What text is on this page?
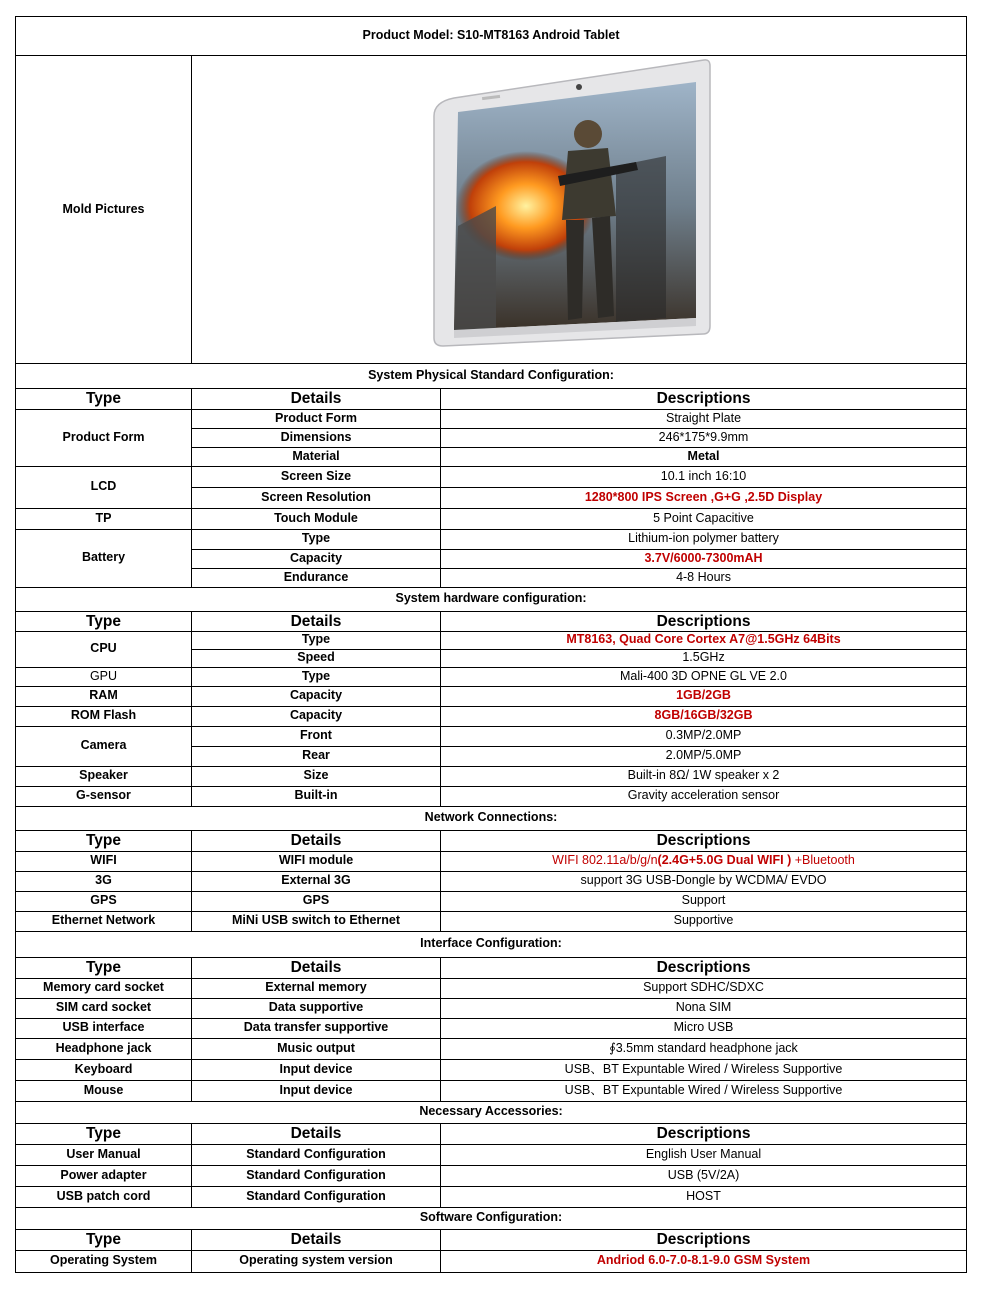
Product Model: S10-MT8163 Android Tablet		
Mold Pictures	
System Physical Standard Configuration:		
Type	Details	Descriptions
Product Form	Product Form	Straight Plate
	Dimensions	246*175*9.9mm
	Material	Metal
LCD	Screen Size	10.1 inch 16:10
	Screen Resolution	1280*800 IPS Screen ,G+G ,2.5D Display
TP	Touch Module	5 Point Capacitive
Battery	Type	Lithium-ion polymer battery
	Capacity	3.7V/6000-7300mAH
	Endurance	4-8 Hours
System hardware configuration:		
Type	Details	Descriptions
CPU	Type	MT8163, Quad Core Cortex A7@1.5GHz 64Bits
	Speed	1.5GHz
GPU	Type	Mali-400 3D OPNE GL VE 2.0
RAM	Capacity	1GB/2GB
ROM Flash	Capacity	8GB/16GB/32GB
Camera	Front	0.3MP/2.0MP
	Rear	2.0MP/5.0MP
Speaker	Size	Built-in 8Ω/ 1W speaker x 2
G-sensor	Built-in	Gravity acceleration sensor
Network Connections:		
Type	Details	Descriptions
WIFI	WIFI module	WIFI 802.11a/b/g/n(2.4G+5.0G Dual WIFI ) +Bluetooth
3G	External 3G	support 3G USB-Dongle by WCDMA/ EVDO
GPS	GPS	Support
Ethernet Network	MiNi USB switch to Ethernet	Supportive
Interface Configuration:		
Type	Details	Descriptions
Memory card socket	External memory	Support SDHC/SDXC
SIM card socket	Data supportive	Nona SIM
USB interface	Data transfer supportive	Micro USB
Headphone jack	Music output	∮3.5mm standard headphone jack
Keyboard	Input device	USB、BT Expuntable Wired / Wireless Supportive
Mouse	Input device	USB、BT Expuntable Wired / Wireless Supportive
Necessary Accessories:		
Type	Details	Descriptions
User Manual	Standard Configuration	English User Manual
Power adapter	Standard Configuration	USB (5V/2A)
USB patch cord	Standard Configuration	HOST
Software Configuration:		
Type	Details	Descriptions
Operating System	Operating system version	Andriod 6.0-7.0-8.1-9.0 GSM System
